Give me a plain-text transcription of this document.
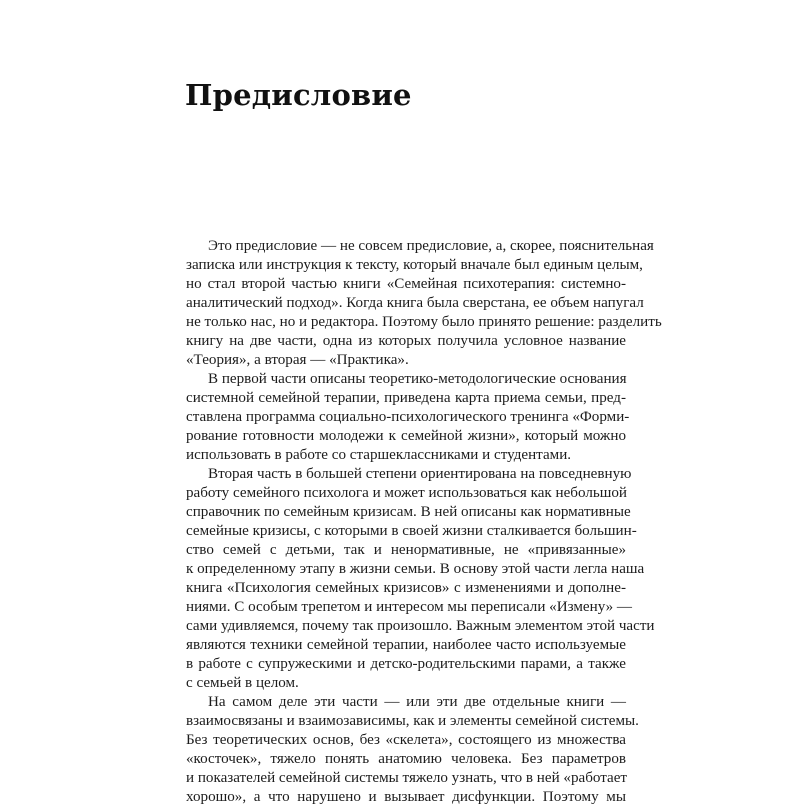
Предисловие
Это предисловие — не совсем предисловие, а, скорее, пояснительная
записка или инструкция к тексту, который вначале был единым целым,
но стал второй частью книги «Семейная психотерапия: системно-
аналитический подход». Когда книга была сверстана, ее объем напугал
не только нас, но и редактора. Поэтому было принято решение: разделить
книгу на две части, одна из которых получила условное название
«Теория», а вторая — «Практика».
В первой части описаны теоретико-методологические основания
системной семейной терапии, приведена карта приема семьи, пред-
ставлена программа социально-психологического тренинга «Форми-
рование готовности молодежи к семейной жизни», который можно
использовать в работе со старшеклассниками и студентами.
Вторая часть в большей степени ориентирована на повседневную
работу семейного психолога и может использоваться как небольшой
справочник по семейным кризисам. В ней описаны как нормативные
семейные кризисы, с которыми в своей жизни сталкивается большин-
ство семей с детьми, так и ненормативные, не «привязанные»
к определенному этапу в жизни семьи. В основу этой части легла наша
книга «Психология семейных кризисов» с изменениями и дополне-
ниями. С особым трепетом и интересом мы переписали «Измену» —
сами удивляемся, почему так произошло. Важным элементом этой части
являются техники семейной терапии, наиболее часто используемые
в работе с супружескими и детско-родительскими парами, а также
с семьей в целом.
На самом деле эти части — или эти две отдельные книги —
взаимосвязаны и взаимозависимы, как и элементы семейной системы.
Без теоретических основ, без «скелета», состоящего из множества
«косточек», тяжело понять анатомию человека. Без параметров
и показателей семейной системы тяжело узнать, что в ней «работает
хорошо», а что нарушено и вызывает дисфункции. Поэтому мы
